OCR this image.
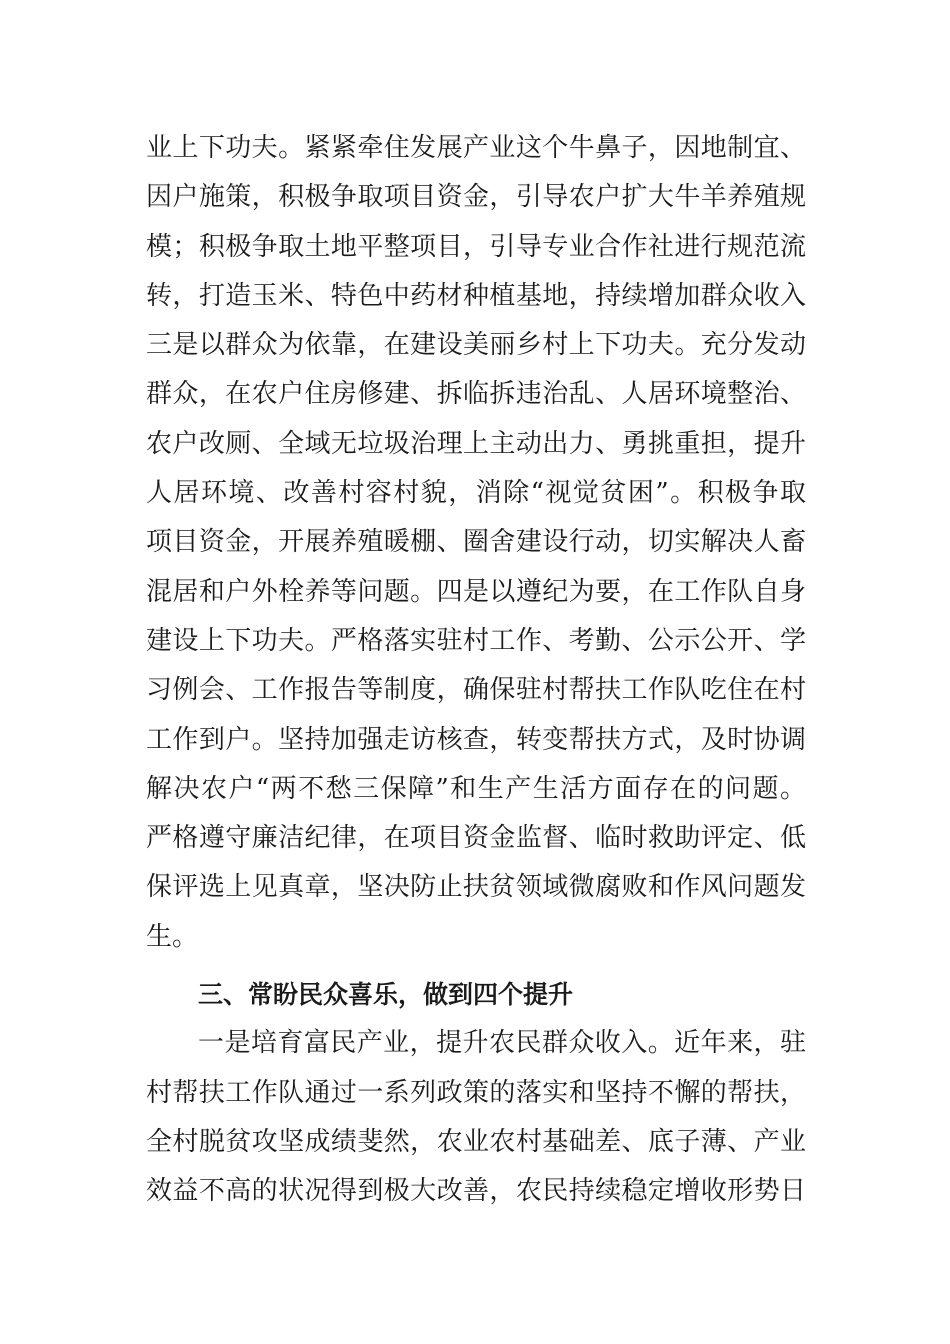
业上下功夫。紧紧牵住发展产业这个牛鼻子，因地制宜、
因户施策，积极争取项目资金，引导农户扩大牛羊养殖规
模；积极争取土地平整项目，引导专业合作社进行规范流
转，打造玉米、特色中药材种植基地，持续增加群众收入
三是以群众为依靠，在建设美丽乡村上下功夫。充分发动
群众，在农户住房修建、拆临拆违治乱、人居环境整治、
农户改厕、全域无垃圾治理上主动出力、勇挑重担，提升
人居环境、改善村容村貌，消除“视觉贫困”。积极争取
项目资金，开展养殖暖棚、圈舍建设行动，切实解决人畜
混居和户外栓养等问题。四是以遵纪为要，在工作队自身
建设上下功夫。严格落实驻村工作、考勤、公示公开、学
习例会、工作报告等制度，确保驻村帮扶工作队吃住在村
工作到户。坚持加强走访核查，转变帮扶方式，及时协调
解决农户“两不愁三保障”和生产生活方面存在的问题。
严格遵守廉洁纪律，在项目资金监督、临时救助评定、低
保评选上见真章，坚决防止扶贫领域微腐败和作风问题发
生。
三、常盼民众喜乐，做到四个提升
一是培育富民产业，提升农民群众收入。近年来，驻
村帮扶工作队通过一系列政策的落实和坚持不懈的帮扶，
全村脱贫攻坚成绩斐然，农业农村基础差、底子薄、产业
效益不高的状况得到极大改善，农民持续稳定增收形势日
